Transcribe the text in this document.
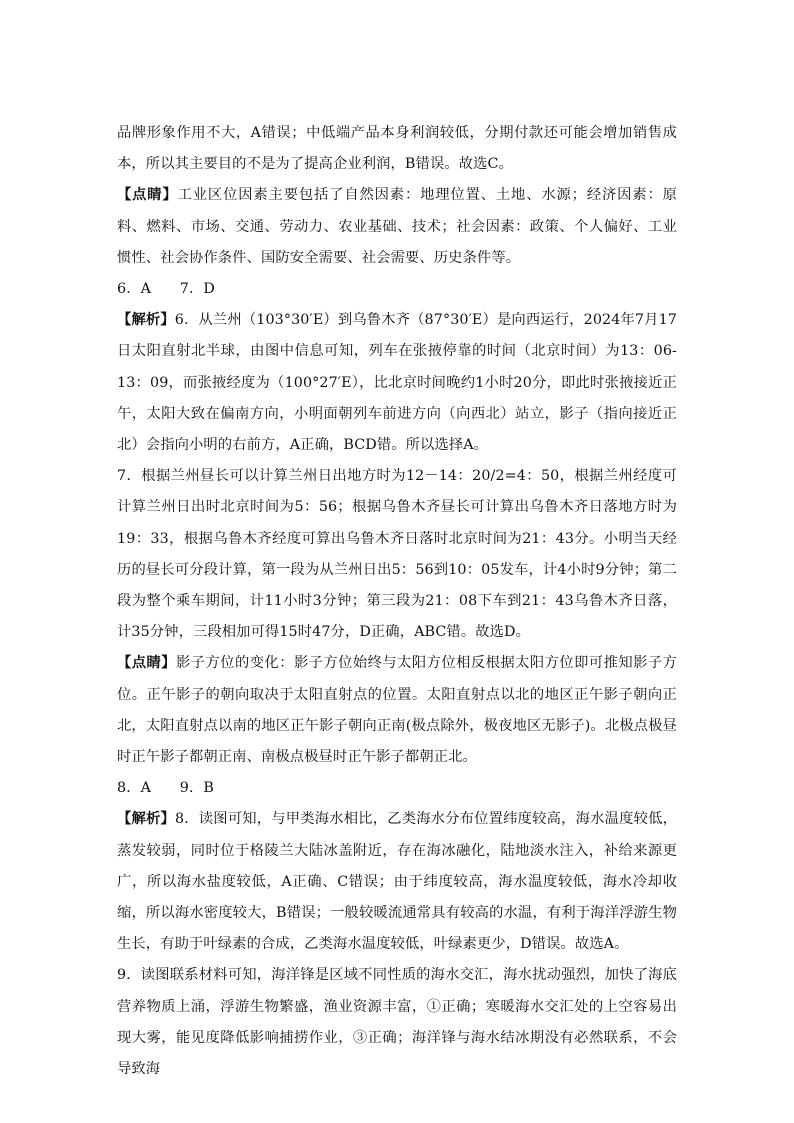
品牌形象作用不大，A错误；中低端产品本身利润较低，分期付款还可能会增加销售成本，所以其主要目的不是为了提高企业利润，B错误。故选C。

【点睛】工业区位因素主要包括了自然因素：地理位置、土地、水源；经济因素：原料、燃料、市场、交通、劳动力、农业基础、技术；社会因素：政策、个人偏好、工业惯性、社会协作条件、国防安全需要、社会需要、历史条件等。

6．A　　7．D

【解析】6．从兰州（103°30′E）到乌鲁木齐（87°30′E）是向西运行，2024年7月17日太阳直射北半球，由图中信息可知，列车在张掖停靠的时间（北京时间）为13：06-13：09，而张掖经度为（100°27′E），比北京时间晚约1小时20分，即此时张掖接近正午，太阳大致在偏南方向，小明面朝列车前进方向（向西北）站立，影子（指向接近正北）会指向小明的右前方，A正确，BCD错。所以选择A。

7．根据兰州昼长可以计算兰州日出地方时为12－14：20/2=4：50，根据兰州经度可计算兰州日出时北京时间为5：56；根据乌鲁木齐昼长可计算出乌鲁木齐日落地方时为19：33，根据乌鲁木齐经度可算出乌鲁木齐日落时北京时间为21：43分。小明当天经历的昼长可分段计算，第一段为从兰州日出5：56到10：05发车，计4小时9分钟；第二段为整个乘车期间，计11小时3分钟；第三段为21：08下车到21：43乌鲁木齐日落，计35分钟，三段相加可得15时47分，D正确，ABC错。故选D。

【点睛】影子方位的变化：影子方位始终与太阳方位相反根据太阳方位即可推知影子方位。正午影子的朝向取决于太阳直射点的位置。太阳直射点以北的地区正午影子朝向正北，太阳直射点以南的地区正午影子朝向正南(极点除外，极夜地区无影子)。北极点极昼时正午影子都朝正南、南极点极昼时正午影子都朝正北。

8．A　　9．B

【解析】8．读图可知，与甲类海水相比，乙类海水分布位置纬度较高，海水温度较低，蒸发较弱，同时位于格陵兰大陆冰盖附近，存在海冰融化，陆地淡水注入，补给来源更广，所以海水盐度较低，A正确、C错误；由于纬度较高，海水温度较低，海水冷却收缩，所以海水密度较大，B错误；一般较暖流通常具有较高的水温，有利于海洋浮游生物生长，有助于叶绿素的合成，乙类海水温度较低，叶绿素更少，D错误。故选A。

9．读图联系材料可知，海洋锋是区域不同性质的海水交汇，海水扰动强烈，加快了海底营养物质上涌，浮游生物繁盛，渔业资源丰富，①正确；寒暖海水交汇处的上空容易出现大雾，能见度降低影响捕捞作业，③正确；海洋锋与海水结冰期没有必然联系，不会导致海
